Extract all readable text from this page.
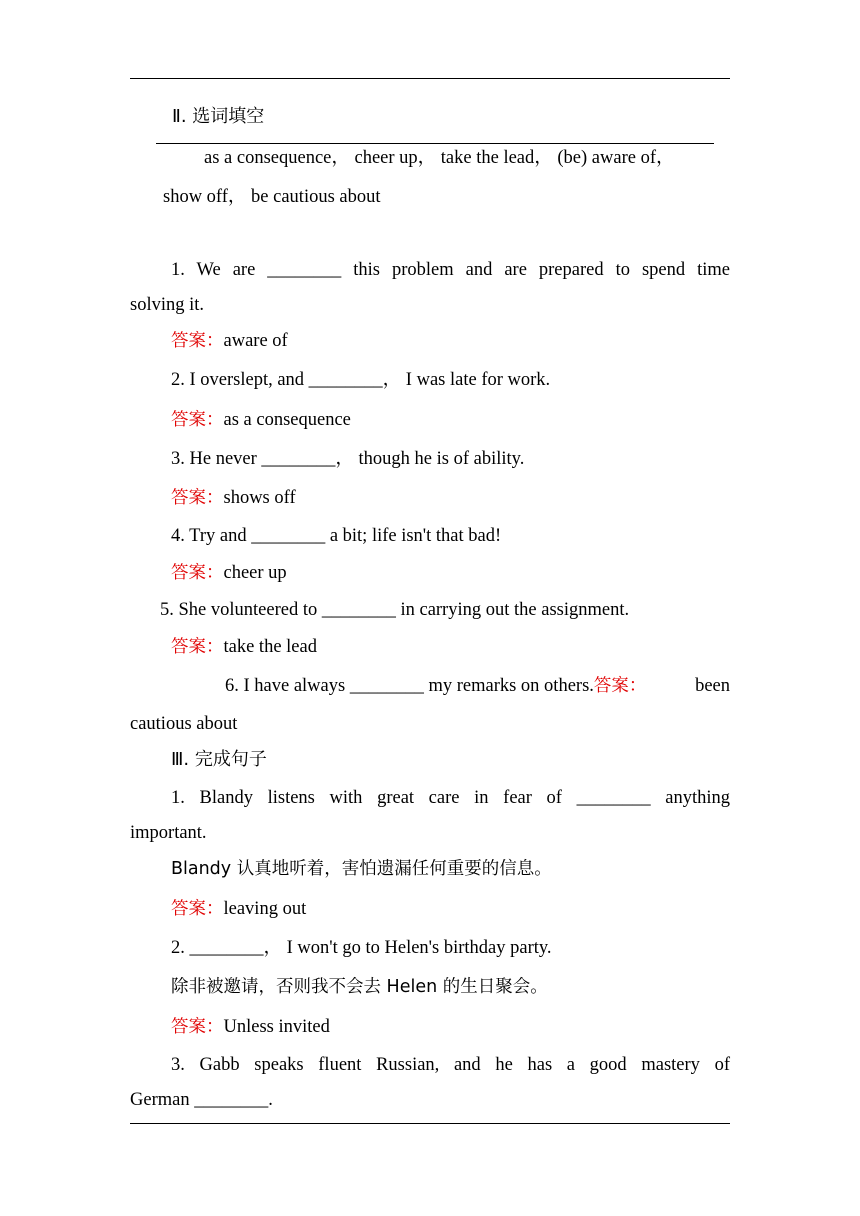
Ⅱ. 选词填空
as a consequence， cheer up， take the lead， (be) aware of，
show off， be cautious about
1. We are ________ this problem and are prepared to spend time
solving it.
答案：aware of
2. I overslept, and ________， I was late for work.
答案：as a consequence
3. He never ________， though he is of ability.
答案：shows off
4. Try and ________ a bit; life isn't that bad!
答案：cheer up
5. She volunteered to ________ in carrying out the assignment.
答案：take the lead
6. I have always ________ my remarks on others.答案：	been
cautious about
Ⅲ. 完成句子
1. Blandy listens with great care in fear of ________ anything
important.
Blandy 认真地听着，害怕遗漏任何重要的信息。
答案：leaving out
2. ________， I won't go to Helen's birthday party.
除非被邀请，否则我不会去 Helen 的生日聚会。
答案：Unless invited
3. Gabb speaks fluent Russian, and he has a good mastery of
German ________.
